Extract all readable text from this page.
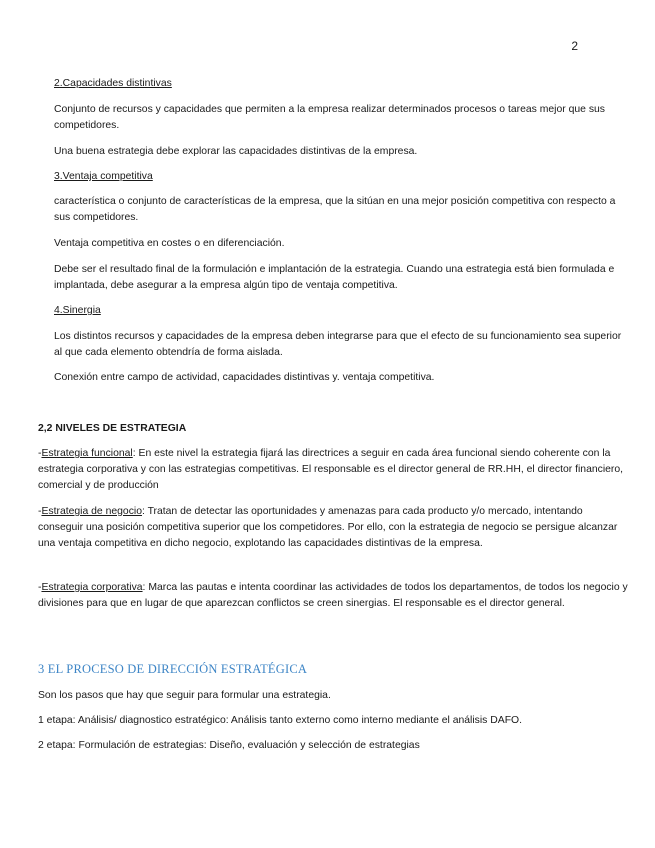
2

2.Capacidades distintivas

Conjunto de recursos y capacidades que permiten a la empresa realizar determinados procesos o tareas mejor que sus competidores.

Una buena estrategia debe explorar las capacidades distintivas de la empresa.

3.Ventaja competitiva

característica o conjunto de características de la empresa, que la sitúan en una mejor posición competitiva con respecto a sus competidores.

Ventaja competitiva en costes o en diferenciación.

Debe ser el resultado final de la formulación e implantación de la estrategia. Cuando una estrategia está bien formulada e implantada, debe asegurar a la empresa algún tipo de ventaja competitiva.

4.Sinergia

Los distintos recursos y capacidades de la empresa deben integrarse para que el efecto de su funcionamiento sea superior al que cada elemento obtendría de forma aislada.

Conexión entre campo de actividad, capacidades distintivas y. ventaja competitiva.

2,2 NIVELES DE ESTRATEGIA

-Estrategia funcional: En este nivel la estrategia fijará las directrices a seguir en cada área funcional siendo coherente con la estrategia corporativa y con las estrategias competitivas. El responsable es el director general de RR.HH, el director financiero, comercial y de producción

-Estrategia de negocio: Tratan de detectar las oportunidades y amenazas para cada producto y/o mercado, intentando conseguir una posición competitiva superior que los competidores. Por ello, con la estrategia de negocio se persigue alcanzar una ventaja competitiva en dicho negocio, explotando las capacidades distintivas de la empresa.

-Estrategia corporativa: Marca las pautas e intenta coordinar las actividades de todos los departamentos, de todos los negocio y divisiones para que en lugar de que aparezcan conflictos se creen sinergias. El responsable es el director general.

3 EL PROCESO DE DIRECCIÓN ESTRATÉGICA

Son los pasos que hay que seguir para formular una estrategia.

1 etapa: Análisis/ diagnostico estratégico: Análisis tanto externo como interno mediante el análisis DAFO.

2 etapa: Formulación de estrategias: Diseño, evaluación y selección de estrategias
